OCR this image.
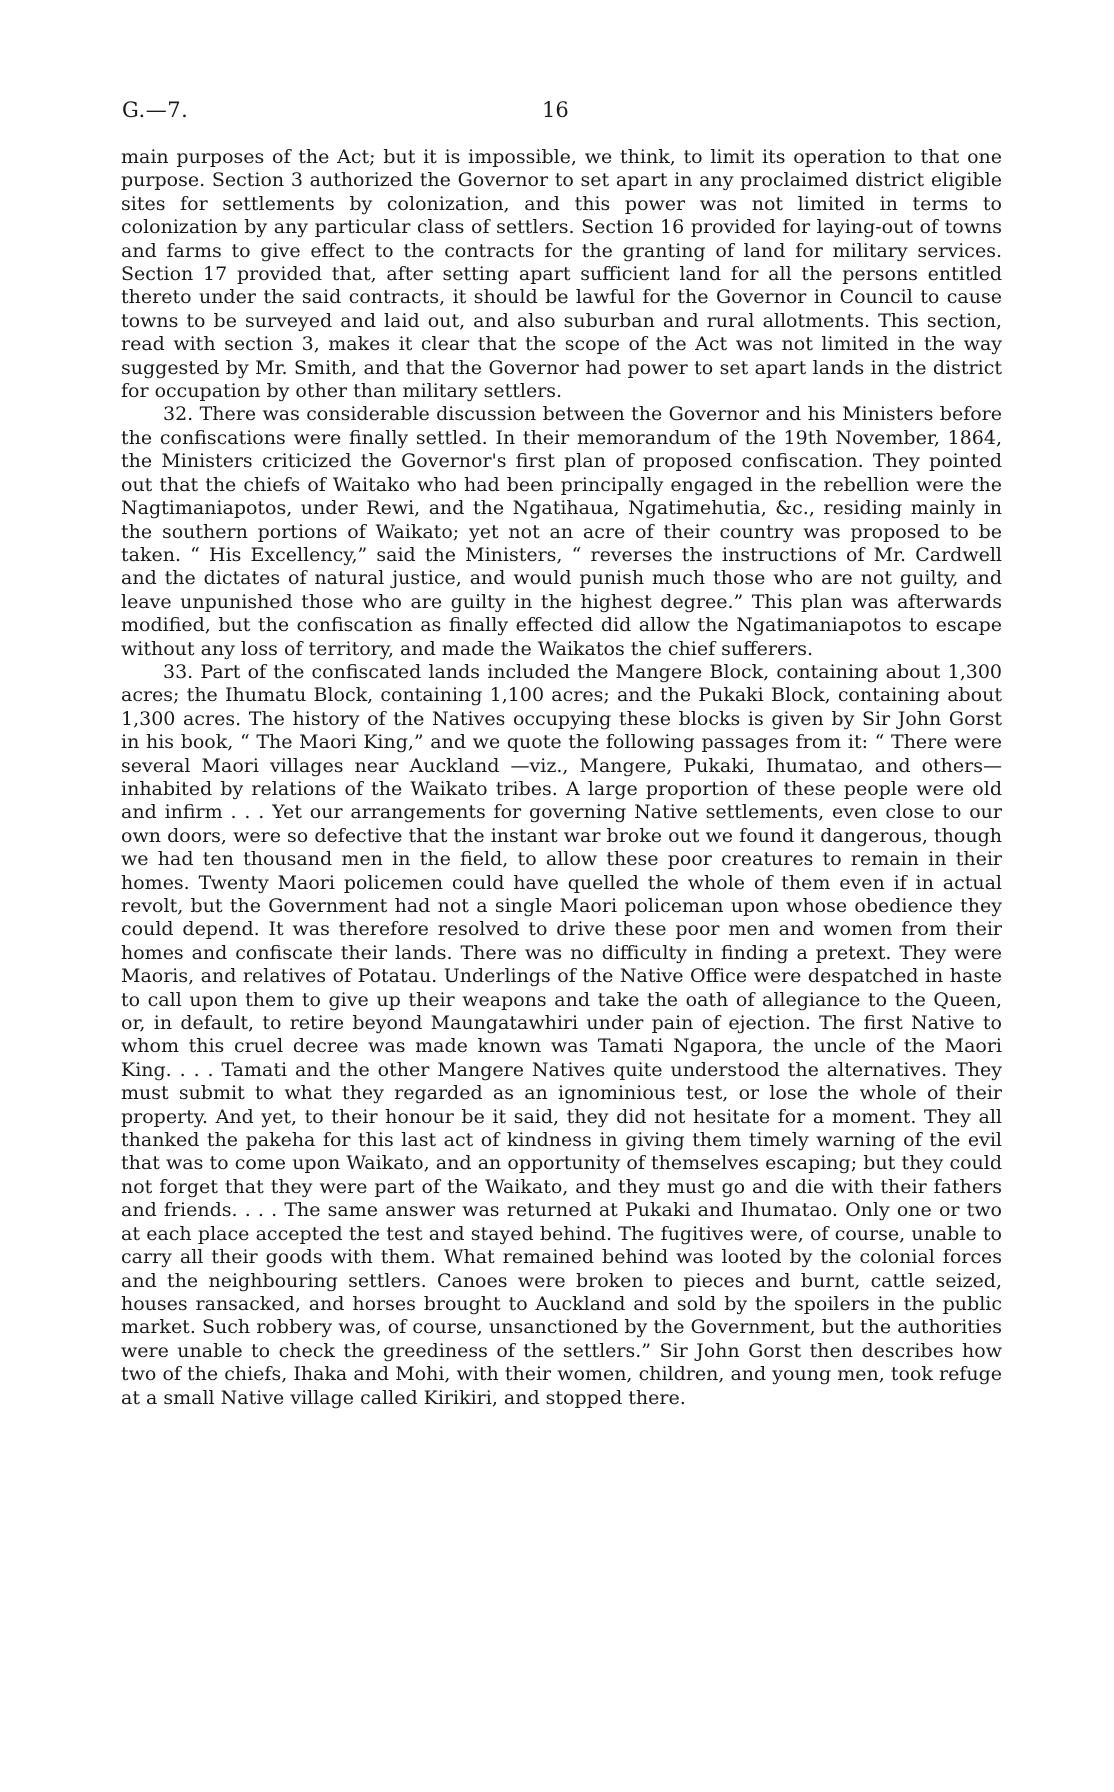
G.—7.	16

main purposes of the Act; but it is impossible, we think, to limit its operation to that one purpose. Section 3 authorized the Governor to set apart in any proclaimed district eligible sites for settlements by colonization, and this power was not limited in terms to colonization by any particular class of settlers. Section 16 provided for laying-out of towns and farms to give effect to the contracts for the granting of land for military services. Section 17 provided that, after setting apart sufficient land for all the persons entitled thereto under the said contracts, it should be lawful for the Governor in Council to cause towns to be surveyed and laid out, and also suburban and rural allotments. This section, read with section 3, makes it clear that the scope of the Act was not limited in the way suggested by Mr. Smith, and that the Governor had power to set apart lands in the district for occupation by other than military settlers.

32. There was considerable discussion between the Governor and his Ministers before the confiscations were finally settled. In their memorandum of the 19th November, 1864, the Ministers criticized the Governor's first plan of proposed confiscation. They pointed out that the chiefs of Waitako who had been principally engaged in the rebellion were the Nagtimaniapotos, under Rewi, and the Ngatihaua, Ngatimehutia, &c., residing mainly in the southern portions of Waikato; yet not an acre of their country was proposed to be taken. “ His Excellency,” said the Ministers, “ reverses the instructions of Mr. Cardwell and the dictates of natural justice, and would punish much those who are not guilty, and leave unpunished those who are guilty in the highest degree.” This plan was afterwards modified, but the confiscation as finally effected did allow the Ngatimaniapotos to escape without any loss of territory, and made the Waikatos the chief sufferers.

33. Part of the confiscated lands included the Mangere Block, containing about 1,300 acres; the Ihumatu Block, containing 1,100 acres; and the Pukaki Block, containing about 1,300 acres. The history of the Natives occupying these blocks is given by Sir John Gorst in his book, “ The Maori King,” and we quote the following passages from it: “ There were several Maori villages near Auckland —viz., Mangere, Pukaki, Ihumatao, and others—inhabited by relations of the Waikato tribes. A large proportion of these people were old and infirm . . . Yet our arrangements for governing Native settlements, even close to our own doors, were so defective that the instant war broke out we found it dangerous, though we had ten thousand men in the field, to allow these poor creatures to remain in their homes. Twenty Maori policemen could have quelled the whole of them even if in actual revolt, but the Government had not a single Maori policeman upon whose obedience they could depend. It was therefore resolved to drive these poor men and women from their homes and confiscate their lands. There was no difficulty in finding a pretext. They were Maoris, and relatives of Potatau. Underlings of the Native Office were despatched in haste to call upon them to give up their weapons and take the oath of allegiance to the Queen, or, in default, to retire beyond Maungatawhiri under pain of ejection. The first Native to whom this cruel decree was made known was Tamati Ngapora, the uncle of the Maori King. . . . Tamati and the other Mangere Natives quite understood the alternatives. They must submit to what they regarded as an ignominious test, or lose the whole of their property. And yet, to their honour be it said, they did not hesitate for a moment. They all thanked the pakeha for this last act of kindness in giving them timely warning of the evil that was to come upon Waikato, and an opportunity of themselves escaping; but they could not forget that they were part of the Waikato, and they must go and die with their fathers and friends. . . . The same answer was returned at Pukaki and Ihumatao. Only one or two at each place accepted the test and stayed behind. The fugitives were, of course, unable to carry all their goods with them. What remained behind was looted by the colonial forces and the neighbouring settlers. Canoes were broken to pieces and burnt, cattle seized, houses ransacked, and horses brought to Auckland and sold by the spoilers in the public market. Such robbery was, of course, unsanctioned by the Government, but the authorities were unable to check the greediness of the settlers.” Sir John Gorst then describes how two of the chiefs, Ihaka and Mohi, with their women, children, and young men, took refuge at a small Native village called Kirikiri, and stopped there.
